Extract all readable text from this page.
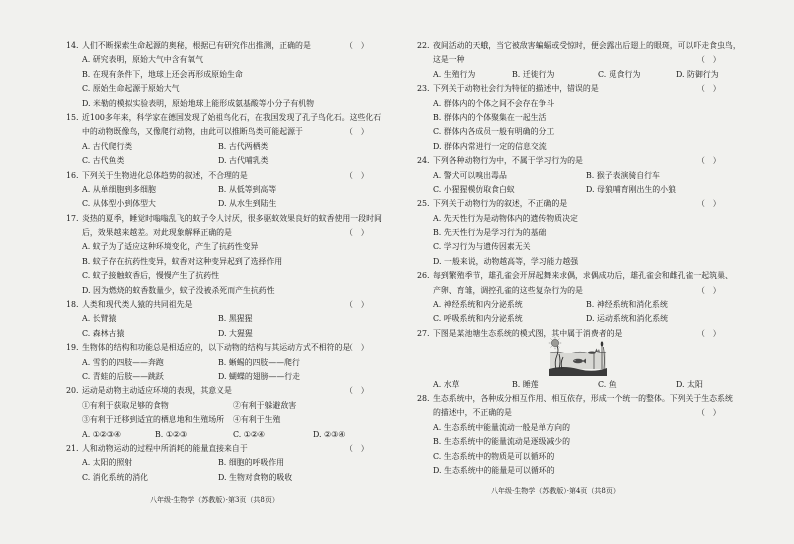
14. 人们不断探索生命起源的奥秘，根据已有研究作出推测，正确的是	（　）
A. 研究表明，原始大气中含有氧气
B. 在现有条件下，地球上还会再形成原始生命
C. 原始生命起源于原始大气
D. 米勒的模拟实验表明，原始地球上能形成氨基酸等小分子有机物
15. 近100多年来，科学家在德国发现了始祖鸟化石，在我国发现了孔子鸟化石。这些化石
中的动物既像鸟，又像爬行动物，由此可以推断鸟类可能起源于	（　）
A. 古代爬行类	B. 古代两栖类
C. 古代鱼类	D. 古代哺乳类
16. 下列关于生物进化总体趋势的叙述，不合理的是	（　）
A. 从单细胞到多细胞	B. 从低等到高等
C. 从体型小到体型大	D. 从水生到陆生
17. 炎热的夏季，睡觉时嗡嗡乱飞的蚊子令人讨厌，很多驱蚊效果良好的蚊香使用一段时间
后，效果越来越差。对此现象解释正确的是	（　）
A. 蚊子为了适应这种环境变化，产生了抗药性变异
B. 蚊子存在抗药性变异，蚊香对这种变异起到了选择作用
C. 蚊子接触蚊香后，慢慢产生了抗药性
D. 因为燃烧的蚊香数量少，蚊子没被杀死而产生抗药性
18. 人类和现代类人猿的共同祖先是	（　）
A. 长臂猿	B. 黑猩猩
C. 森林古猿	D. 大猩猩
19. 生物体的结构和功能总是相适应的，以下动物的结构与其运动方式不相符的是
（　）
A. 雪豹的四肢——奔跑	B. 蜥蜴的四肢——爬行
C. 青蛙的后肢——跳跃	D. 蝴蝶的翅膀——行走
20. 运动是动物主动适应环境的表现，其意义是	（　）
①有利于获取足够的食物	②有利于躲避敌害
③有利于迁移到适宜的栖息地和生殖场所 ④有利于生殖
A. ①②③④	B. ①②③	C. ①②④	D. ②③④
21. 人和动物运动的过程中所消耗的能量直接来自于	（　）
A. 太阳的照射	B. 细胞的呼吸作用
C. 消化系统的消化	D. 生物对食物的吸收
八年级·生物学（苏教版）·第3页（共8页）
22. 夜间活动的天蛾，当它被敌害蝙蝠或受惊时，便会露出后翅上的眼斑，可以吓走食虫鸟，
这是一种	（　）
A. 生殖行为	B. 迁徙行为	C. 觅食行为	D. 防御行为
23. 下列关于动物社会行为特征的描述中，错误的是	（　）
A. 群体内的个体之间不会存在争斗
B. 群体内的个体聚集在一起生活
C. 群体内各成员一般有明确的分工
D. 群体内常进行一定的信息交流
24. 下列各种动物行为中，不属于学习行为的是	（　）
A. 警犬可以嗅出毒品	B. 猴子表演骑自行车
C. 小猩猩模仿取食白蚁	D. 母狼哺育刚出生的小狼
25. 下列关于动物行为的叙述，不正确的是	（　）
A. 先天性行为是动物体内的遗传物质决定
B. 先天性行为是学习行为的基础
C. 学习行为与遗传因素无关
D. 一般来说，动物越高等，学习能力越强
26. 每到繁殖季节，雄孔雀会开屏起舞来求偶，求偶成功后，雄孔雀会和雌孔雀一起筑巢、
产卵、育雏，调控孔雀的这些复杂行为的是	（　）
A. 神经系统和内分泌系统	B. 神经系统和消化系统
C. 呼吸系统和内分泌系统	D. 运动系统和消化系统
27. 下图是某池塘生态系统的模式图，其中属于消费者的是	（　）
A. 水草	B. 睡莲	C. 鱼	D. 太阳
28. 生态系统中，各种成分相互作用、相互依存，形成一个统一的整体。下列关于生态系统
的描述中，不正确的是	（　）
A. 生态系统中能量流动一般是单方向的
B. 生态系统中的能量流动是逐级减少的
C. 生态系统中的物质是可以循环的
D. 生态系统中的能量是可以循环的
八年级·生物学（苏教版）·第4页（共8页）
